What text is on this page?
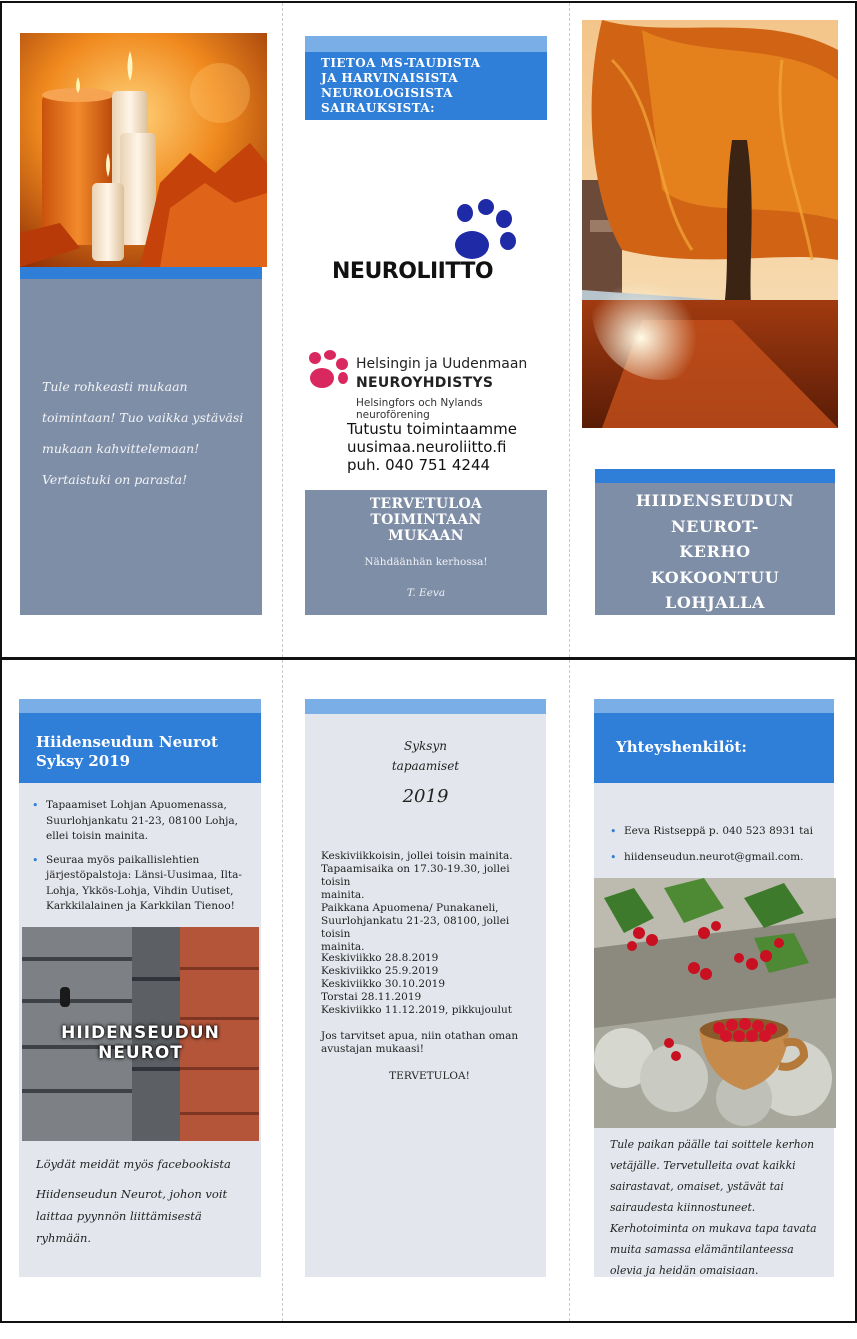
Tule rohkeasti mukaan
toimintaan! Tuo vaikka ystäväsi
mukaan kahvittelemaan!
Vertaistuki on parasta!
TIETOA MS-TAUDISTA
JA HARVINAISISTA
NEUROLOGISISTA
SAIRAUKSISTA:
NEUROLIITTO
Helsingin ja Uudenmaan
NEUROYHDISTYS
Helsingfors och Nylands neuroförening
Tutustu toimintaamme
uusimaa.neuroliitto.fi
puh. 040 751 4244
TERVETULOA
TOIMINTAAN
MUKAAN
Nähdäänhän kerhossa!
T. Eeva
HIIDENSEUDUN
NEUROT-
KERHO
KOKOONTUU
LOHJALLA
Hiidenseudun Neurot
Syksy 2019
• Tapaamiset Lohjan Apuomenassa, Suurlohjankatu 21-23, 08100 Lohja, ellei toisin mainita.
• Seuraa myös paikallislehtien järjestöpalstoja: Länsi-Uusimaa, Ilta-Lohja, Ykkös-Lohja, Vihdin Uutiset, Karkkilalainen ja Karkkilan Tienoo!
HIIDENSEUDUN NEUROT
Löydät meidät myös facebookista
Hiidenseudun Neurot, johon voit
laittaa pyynnön liittämisestä
ryhmään.
Syksyn
tapaamiset
2019
Keskiviikkoisin, jollei toisin mainita.
Tapaamisaika on 17.30-19.30, jollei toisin
mainita.
Paikkana Apuomena/ Punakaneli,
Suurlohjankatu 21-23, 08100, jollei toisin
mainita.
Keskiviikko 28.8.2019
Keskiviikko 25.9.2019
Keskiviikko 30.10.2019
Torstai 28.11.2019
Keskiviikko 11.12.2019, pikkujoulut
Jos tarvitset apua, niin otathan oman
avustajan mukaasi!
TERVETULOA!
Yhteyshenkilöt:
• Eeva Ristseppä p. 040 523 8931 tai
• hiidenseudun.neurot@gmail.com.
Tule paikan päälle tai soittele kerhon
vetäjälle. Tervetulleita ovat kaikki
sairastavat, omaiset, ystävät tai
sairaudesta kiinnostuneet.
Kerhotoiminta on mukava tapa tavata
muita samassa elämäntilanteessa
olevia ja heidän omaisiaan.
